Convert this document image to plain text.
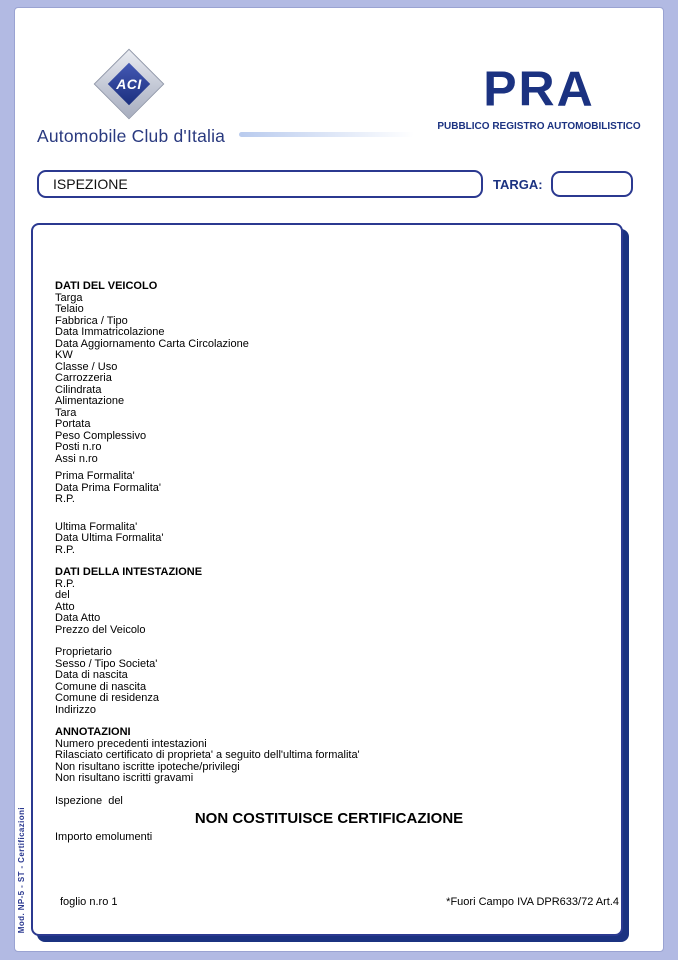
ACI
Automobile Club d'Italia
PRA
PUBBLICO REGISTRO AUTOMOBILISTICO
ISPEZIONE	TARGA:
DATI DEL VEICOLO
Targa
Telaio
Fabbrica / Tipo
Data Immatricolazione
Data Aggiornamento Carta Circolazione
KW
Classe / Uso
Carrozzeria
Cilindrata
Alimentazione
Tara
Portata
Peso Complessivo
Posti n.ro
Assi n.ro
Prima Formalita'
Data Prima Formalita'
R.P.
Ultima Formalita'
Data Ultima Formalita'
R.P.
DATI DELLA INTESTAZIONE
R.P.
del
Atto
Data Atto
Prezzo del Veicolo
Proprietario
Sesso / Tipo Societa'
Data di nascita
Comune di nascita
Comune di residenza
Indirizzo
ANNOTAZIONI
Numero precedenti intestazioni
Rilasciato certificato di proprieta' a seguito dell'ultima formalita'
Non risultano iscritte ipoteche/privilegi
Non risultano iscritti gravami
Ispezione  del
NON COSTITUISCE CERTIFICAZIONE
Importo emolumenti
foglio n.ro 1	*Fuori Campo IVA DPR633/72 Art.4
Mod. NP-5 - ST - Certificazioni
